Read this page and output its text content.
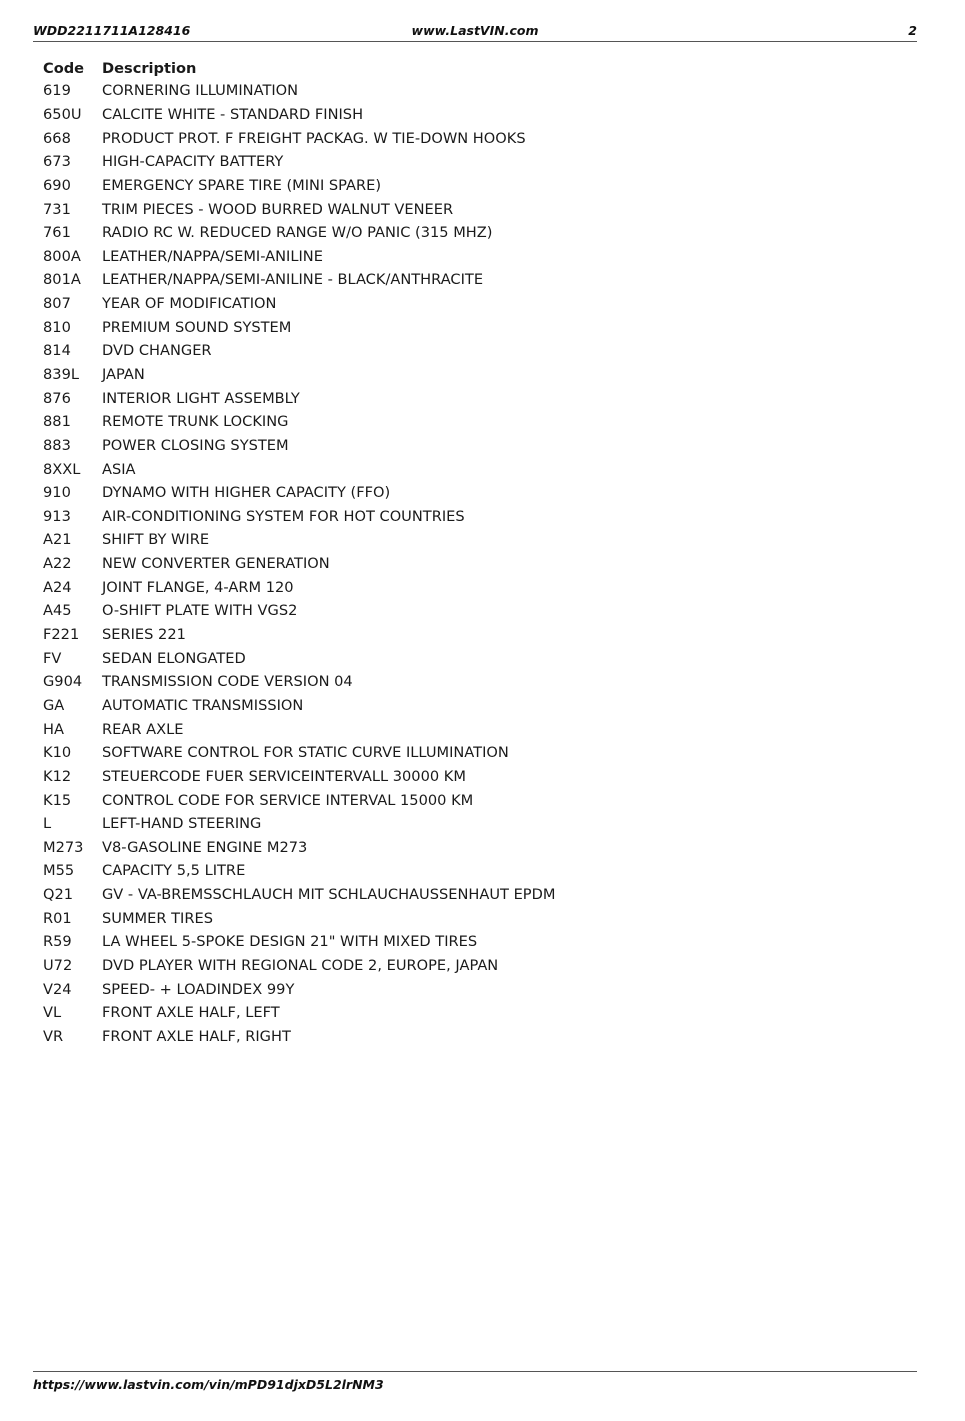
WDD2211711A128416	www.LastVIN.com	2
Code	Description
619	CORNERING ILLUMINATION
650U	CALCITE WHITE - STANDARD FINISH
668	PRODUCT PROT. F FREIGHT PACKAG. W TIE-DOWN HOOKS
673	HIGH-CAPACITY BATTERY
690	EMERGENCY SPARE TIRE (MINI SPARE)
731	TRIM PIECES - WOOD BURRED WALNUT VENEER
761	RADIO RC W. REDUCED RANGE W/O PANIC (315 MHZ)
800A	LEATHER/NAPPA/SEMI-ANILINE
801A	LEATHER/NAPPA/SEMI-ANILINE - BLACK/ANTHRACITE
807	YEAR OF MODIFICATION
810	PREMIUM SOUND SYSTEM
814	DVD CHANGER
839L	JAPAN
876	INTERIOR LIGHT ASSEMBLY
881	REMOTE TRUNK LOCKING
883	POWER CLOSING SYSTEM
8XXL	ASIA
910	DYNAMO WITH HIGHER CAPACITY (FFO)
913	AIR-CONDITIONING SYSTEM FOR HOT COUNTRIES
A21	SHIFT BY WIRE
A22	NEW CONVERTER GENERATION
A24	JOINT FLANGE, 4-ARM 120
A45	O-SHIFT PLATE WITH VGS2
F221	SERIES 221
FV	SEDAN ELONGATED
G904	TRANSMISSION CODE VERSION 04
GA	AUTOMATIC TRANSMISSION
HA	REAR AXLE
K10	SOFTWARE CONTROL FOR STATIC CURVE ILLUMINATION
K12	STEUERCODE FUER SERVICEINTERVALL 30000 KM
K15	CONTROL CODE FOR SERVICE INTERVAL 15000 KM
L	LEFT-HAND STEERING
M273	V8-GASOLINE ENGINE M273
M55	CAPACITY 5,5 LITRE
Q21	GV - VA-BREMSSCHLAUCH MIT SCHLAUCHAUSSENHAUT EPDM
R01	SUMMER TIRES
R59	LA WHEEL 5-SPOKE DESIGN 21" WITH MIXED TIRES
U72	DVD PLAYER WITH REGIONAL CODE 2, EUROPE, JAPAN
V24	SPEED- + LOADINDEX 99Y
VL	FRONT AXLE HALF, LEFT
VR	FRONT AXLE HALF, RIGHT
https://www.lastvin.com/vin/mPD91djxD5L2lrNM3
